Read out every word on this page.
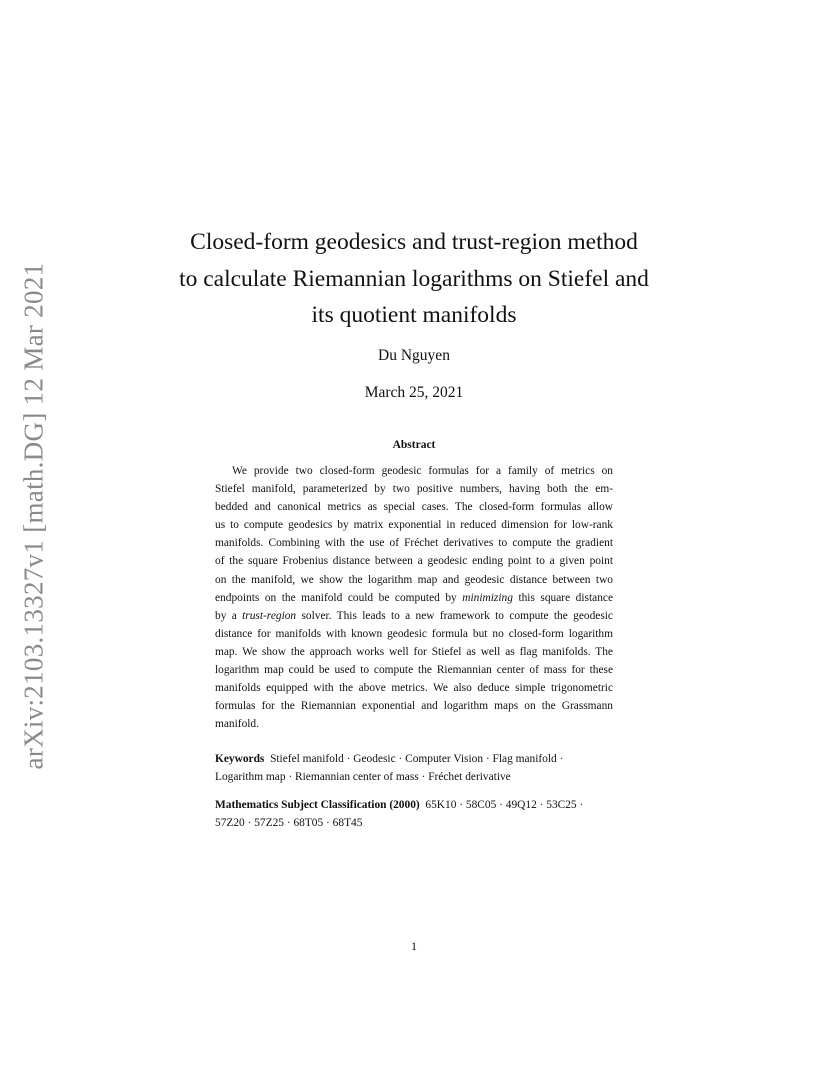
arXiv:2103.13327v1 [math.DG] 12 Mar 2021
Closed-form geodesics and trust-region method
to calculate Riemannian logarithms on Stiefel and
its quotient manifolds

Du Nguyen

March 25, 2021

Abstract

We provide two closed-form geodesic formulas for a family of metrics on
Stiefel manifold, parameterized by two positive numbers, having both the em-
bedded and canonical metrics as special cases. The closed-form formulas allow
us to compute geodesics by matrix exponential in reduced dimension for low-rank
manifolds. Combining with the use of Fréchet derivatives to compute the gradient
of the square Frobenius distance between a geodesic ending point to a given point
on the manifold, we show the logarithm map and geodesic distance between two
endpoints on the manifold could be computed by minimizing this square distance
by a trust-region solver. This leads to a new framework to compute the geodesic
distance for manifolds with known geodesic formula but no closed-form logarithm
map. We show the approach works well for Stiefel as well as flag manifolds. The
logarithm map could be used to compute the Riemannian center of mass for these
manifolds equipped with the above metrics. We also deduce simple trigonometric
formulas for the Riemannian exponential and logarithm maps on the Grassmann
manifold.
Keywords Stiefel manifold · Geodesic · Computer Vision · Flag manifold ·
Logarithm map · Riemannian center of mass · Fréchet derivative
Mathematics Subject Classification (2000) 65K10 · 58C05 · 49Q12 · 53C25 ·
57Z20 · 57Z25 · 68T05 · 68T45

1
